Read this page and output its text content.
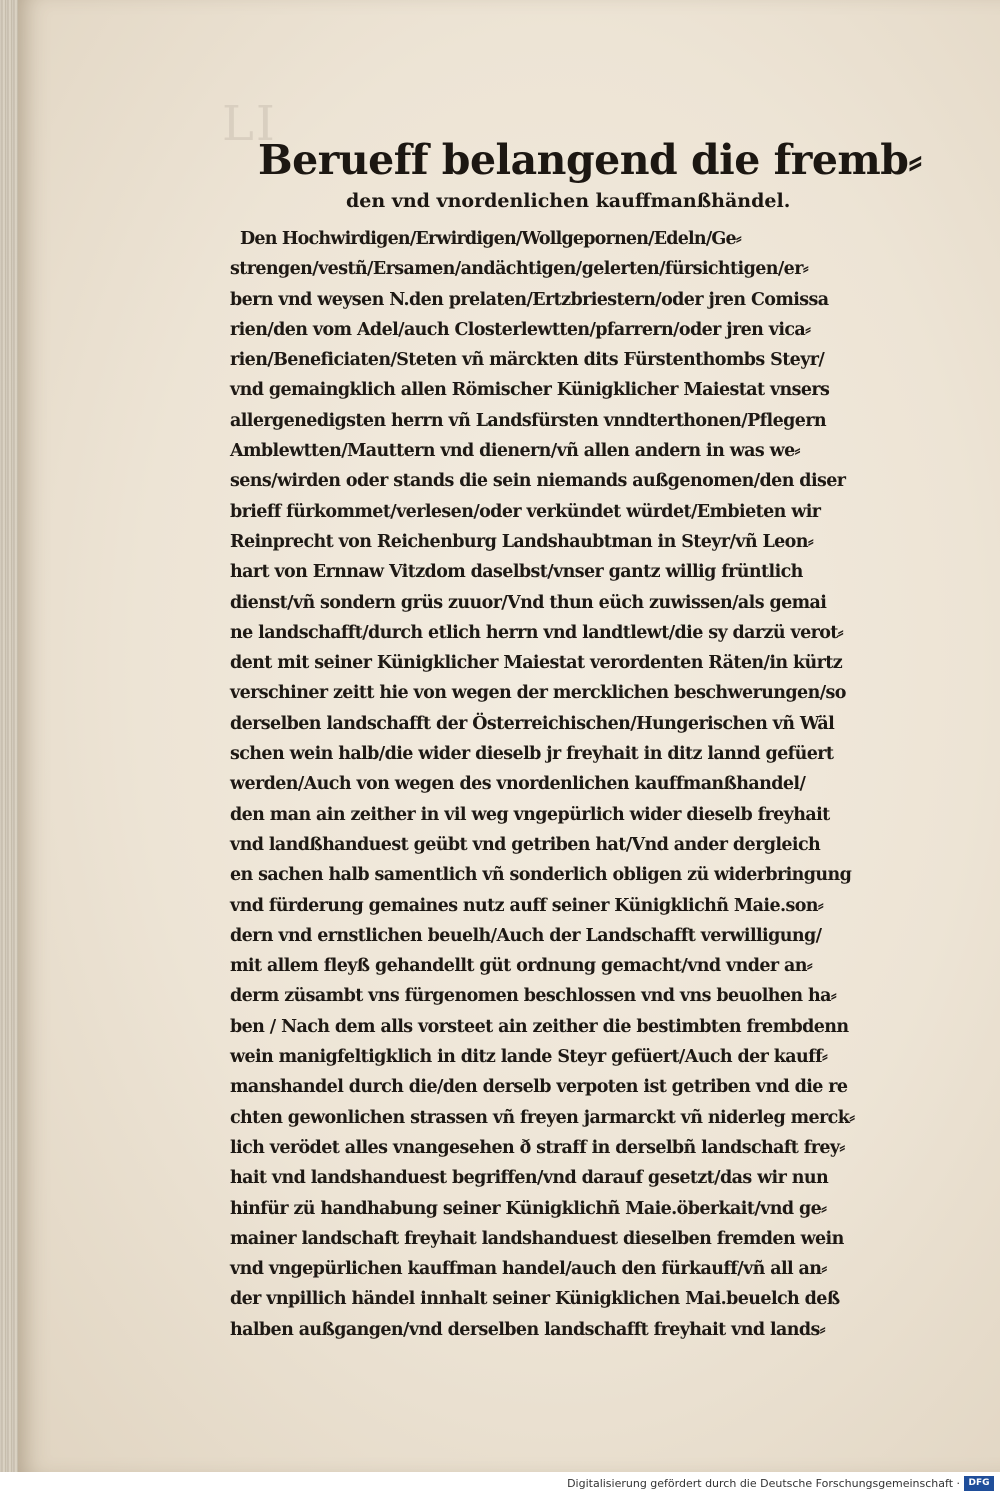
LI
Berueff belangend die fremb⸗
den vnd vnordenlichen kauffmanßhändel.
Den Hochwirdigen/Erwirdigen/Wollgepornen/Edeln/Ge⸗
strengen/vestñ/Ersamen/andächtigen/gelerten/fürsichtigen/er⸗
bern vnd weysen N.den prelaten/Ertzbriestern/oder jren Comissa
rien/den vom Adel/auch Closterlewtten/pfarrern/oder jren vica⸗
rien/Beneficiaten/Steten vñ märckten dits Fürstenthombs Steyr/
vnd gemaingklich allen Römischer Künigklicher Maiestat vnsers
allergenedigsten herrn vñ Landsfürsten vnndterthonen/Pflegern
Amblewtten/Mauttern vnd dienern/vñ allen andern in was we⸗
sens/wirden oder stands die sein niemands außgenomen/den diser
brieff fürkommet/verlesen/oder verkündet würdet/Embieten wir
Reinprecht von Reichenburg Landshaubtman in Steyr/vñ Leon⸗
hart von Ernnaw Vitzdom daselbst/vnser gantz willig früntlich
dienst/vñ sondern grüs zuuor/Vnd thun eüch zuwissen/als gemai
ne landschafft/durch etlich herrn vnd landtlewt/die sy darzü verot⸗
dent mit seiner Künigklicher Maiestat verordenten Räten/in kürtz
verschiner zeitt hie von wegen der mercklichen beschwerungen/so
derselben landschafft der Österreichischen/Hungerischen vñ Wäl
schen wein halb/die wider dieselb jr freyhait in ditz lannd gefüert
werden/Auch von wegen des vnordenlichen kauffmanßhandel/
den man ain zeither in vil weg vngepürlich wider dieselb freyhait
vnd landßhanduest geübt vnd getriben hat/Vnd ander dergleich
en sachen halb samentlich vñ sonderlich obligen zü widerbringung
vnd fürderung gemaines nutz auff seiner Künigklichñ Maie.son⸗
dern vnd ernstlichen beuelh/Auch der Landschafft verwilligung/
mit allem fleyß gehandellt güt ordnung gemacht/vnd vnder an⸗
derm züsambt vns fürgenomen beschlossen vnd vns beuolhen ha⸗
ben / Nach dem alls vorsteet ain zeither die bestimbten frembdenn
wein manigfeltigklich in ditz lande Steyr gefüert/Auch der kauff⸗
manshandel durch die/den derselb verpoten ist getriben vnd die re
chten gewonlichen strassen vñ freyen jarmarckt vñ niderleg merck⸗
lich verödet alles vnangesehen ð straff in derselbñ landschaft frey⸗
hait vnd landshanduest begriffen/vnd darauf gesetzt/das wir nun
hinfür zü handhabung seiner Künigklichñ Maie.öberkait/vnd ge⸗
mainer landschaft freyhait landshanduest dieselben fremden wein
vnd vngepürlichen kauffman handel/auch den fürkauff/vñ all an⸗
der vnpillich händel innhalt seiner Künigklichen Mai.beuelch deß
halben außgangen/vnd derselben landschafft freyhait vnd lands⸗
Digitalisierung gefördert durch die Deutsche Forschungsgemeinschaft · DFG
